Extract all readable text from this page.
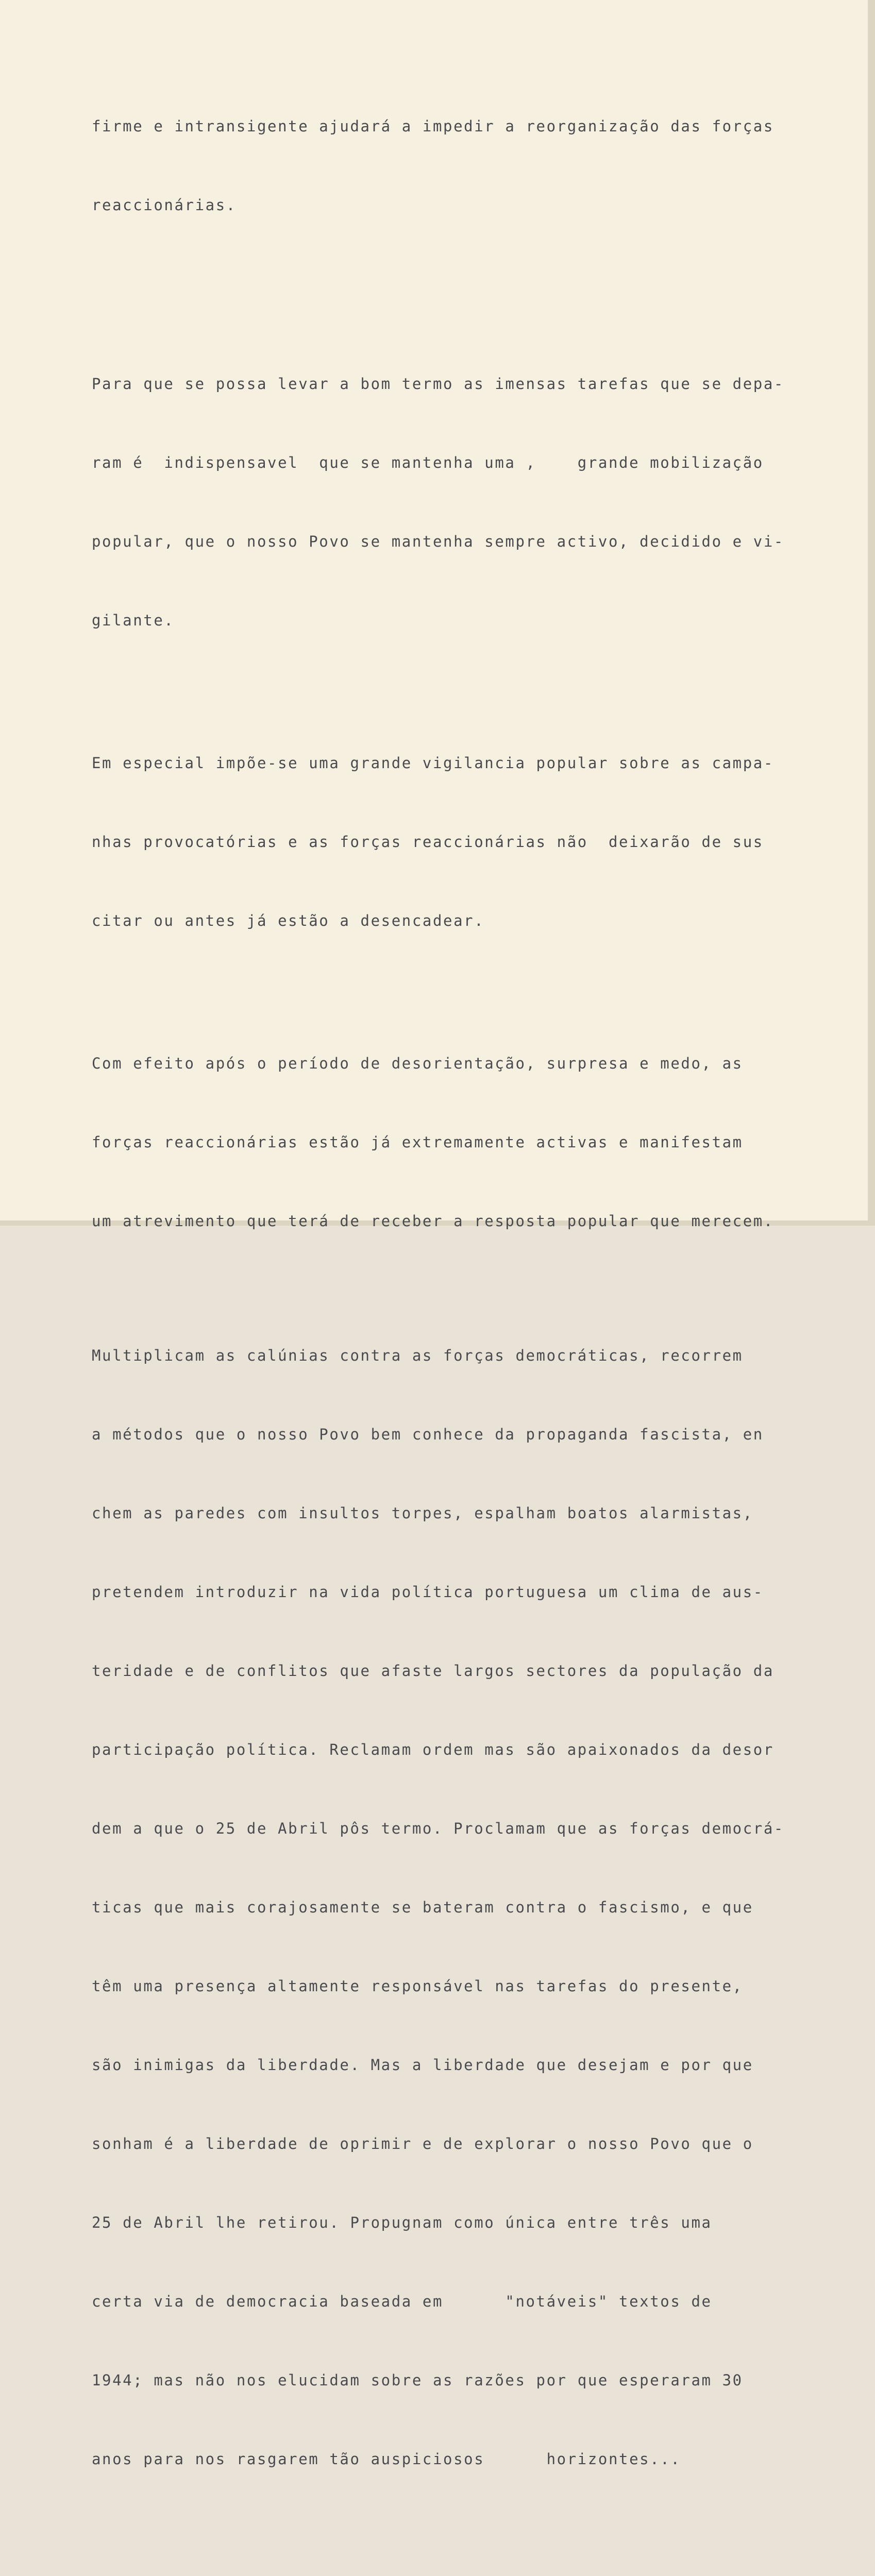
firme e intransigente ajudará a impedir a reorganização das forças

reaccionárias.

Para que se possa levar a bom termo as imensas tarefas que se depa-

ram é  indispensavel  que se mantenha uma ,    grande mobilização

popular, que o nosso Povo se mantenha sempre activo, decidido e vi-

gilante.

Em especial impõe-se uma grande vigilancia popular sobre as campa-

nhas provocatórias e as forças reaccionárias não  deixarão de sus

citar ou antes já estão a desencadear.

Com efeito após o período de desorientação, surpresa e medo, as

forças reaccionárias estão já extremamente activas e manifestam

um atrevimento que terá de receber a resposta popular que merecem.

Multiplicam as calúnias contra as forças democráticas, recorrem

a métodos que o nosso Povo bem conhece da propaganda fascista, en

chem as paredes com insultos torpes, espalham boatos alarmistas,

pretendem introduzir na vida política portuguesa um clima de aus-

teridade e de conflitos que afaste largos sectores da população da

participação política. Reclamam ordem mas são apaixonados da desor

dem a que o 25 de Abril pôs termo. Proclamam que as forças democrá-

ticas que mais corajosamente se bateram contra o fascismo, e que

têm uma presença altamente responsável nas tarefas do presente,

são inimigas da liberdade. Mas a liberdade que desejam e por que

sonham é a liberdade de oprimir e de explorar o nosso Povo que o

25 de Abril lhe retirou. Propugnam como única entre três uma

certa via de democracia baseada em      "notáveis" textos de

1944; mas não nos elucidam sobre as razões por que esperaram 30

anos para nos rasgarem tão auspiciosos      horizontes...
